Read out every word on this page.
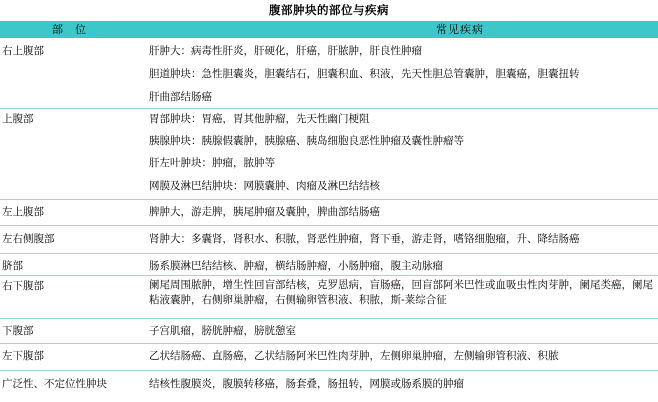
腹部肿块的部位与疾病
部位	常见疾病
右上腹部	肝肿大：病毒性肝炎，肝硬化，肝癌，肝脓肿，肝良性肿瘤
胆道肿块：急性胆囊炎，胆囊结石，胆囊积血、积液，先天性胆总管囊肿，胆囊癌，胆囊扭转
肝曲部结肠癌
上腹部	胃部肿块：胃癌，胃其他肿瘤，先天性幽门梗阻
胰腺肿块：胰腺假囊肿，胰腺癌、胰岛细胞良恶性肿瘤及囊性肿瘤等
肝左叶肿块：肿瘤，脓肿等
网膜及淋巴结肿块：网膜囊肿、肉瘤及淋巴结结核
左上腹部	脾肿大，游走脾，胰尾肿瘤及囊肿，脾曲部结肠癌
左右侧腹部	肾肿大：多囊肾，肾积水、积脓，肾恶性肿瘤，肾下垂，游走肾，嗜铬细胞瘤，升、降结肠癌
脐部	肠系膜淋巴结结核、肿瘤，横结肠肿瘤，小肠肿瘤，腹主动脉瘤
右下腹部	阑尾周围脓肿，增生性回盲部结核，克罗恩病，盲肠癌，回盲部阿米巴性或血吸虫性肉芽肿，阑尾类癌，阑尾粘液囊肿，右侧卵巢肿瘤，右侧输卵管积液、积脓，斯-莱综合征
下腹部	子宫肌瘤，膀胱肿瘤，膀胱憩室
左下腹部	乙状结肠癌、直肠癌，乙状结肠阿米巴性肉芽肿，左侧卵巢肿瘤，左侧输卵管积液、积脓
广泛性、不定位性肿块	结核性腹膜炎，腹膜转移癌，肠套叠，肠扭转，网膜或肠系膜的肿瘤
